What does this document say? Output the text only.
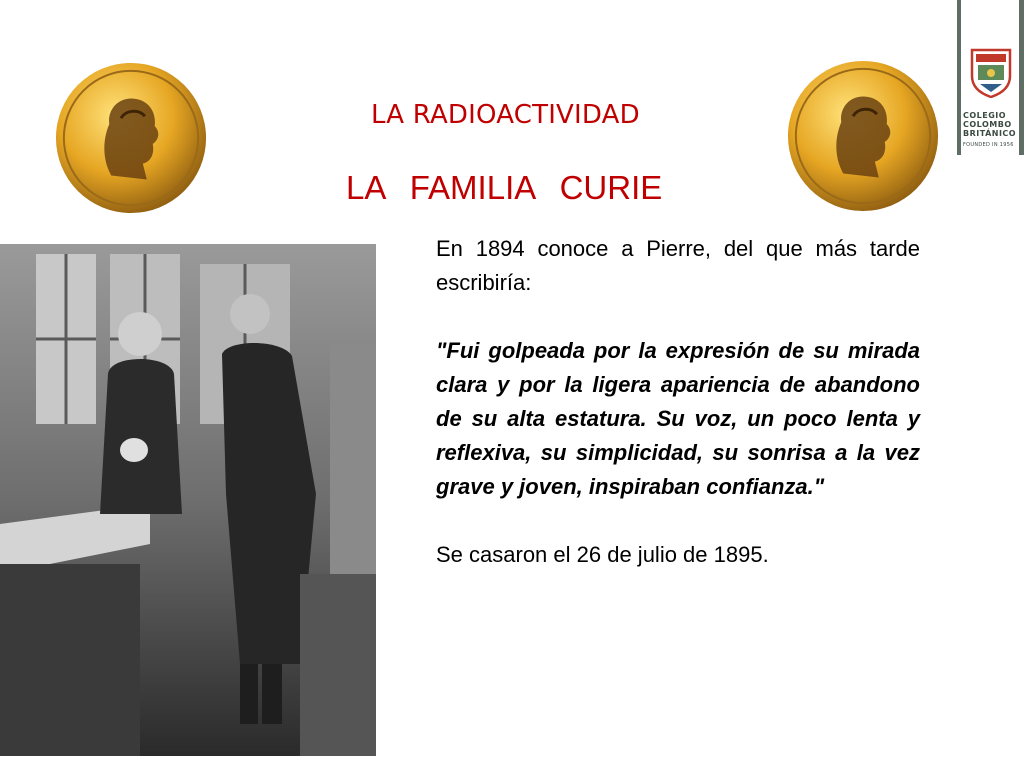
LA RADIOACTIVIDAD
LA FAMILIA CURIE
COLEGIO
COLOMBO
BRITÁNICO
FOUNDED IN 1956

En 1894 conoce a Pierre, del que más tarde escribiría:

"Fui golpeada por la expresión de su mirada clara y por la ligera apariencia de abandono de su alta estatura. Su voz, un poco lenta y reflexiva, su simplicidad, su sonrisa a la vez grave y joven, inspiraban confianza."

Se casaron el 26 de julio de 1895.
